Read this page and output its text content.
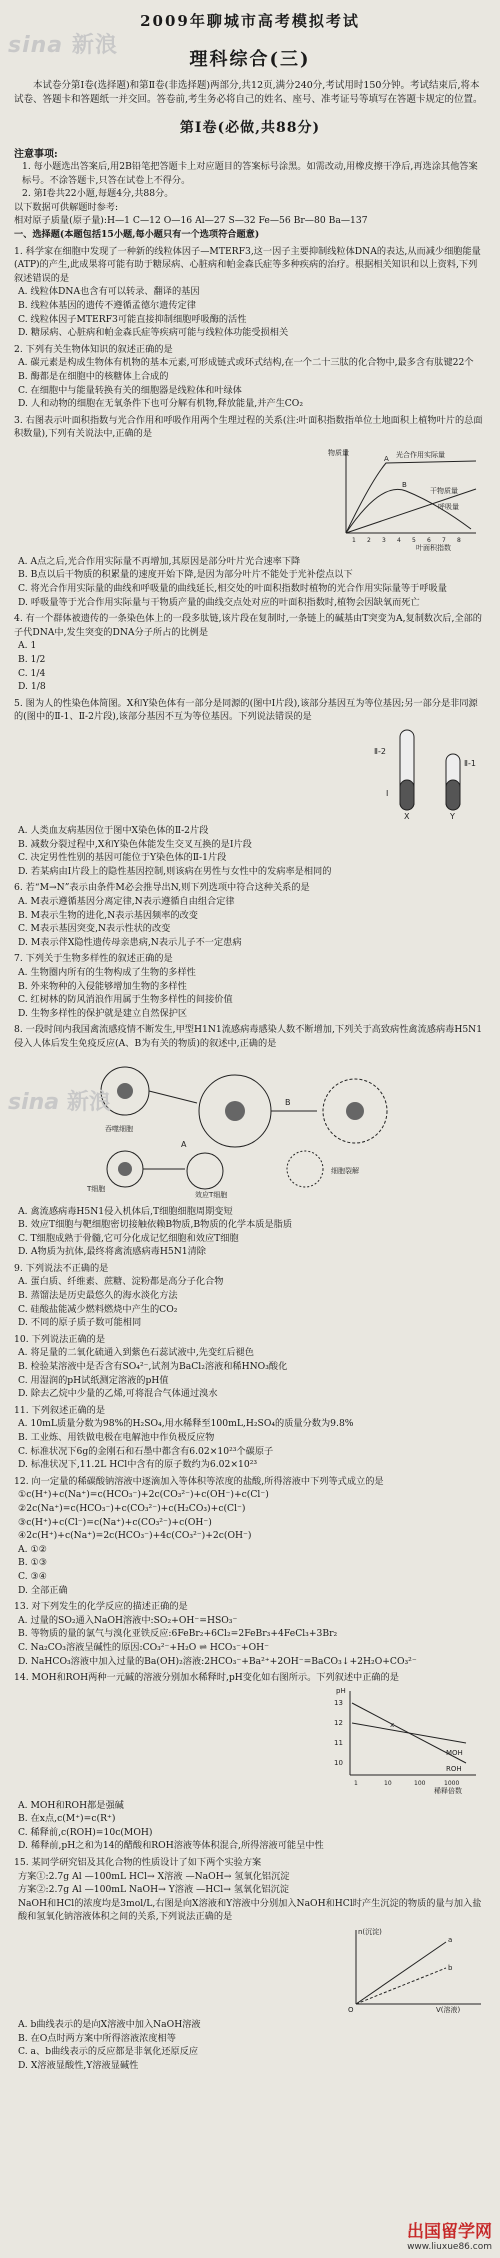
sina 新浪
sina 新浪
2009年聊城市高考模拟考试
理科综合(三)

本试卷分第Ⅰ卷(选择题)和第Ⅱ卷(非选择题)两部分,共12页,满分240分,考试用时150分钟。考试结束后,将本试卷、答题卡和答题纸一并交回。答卷前,考生务必将自己的姓名、座号、准考证号等填写在答题卡规定的位置。

第Ⅰ卷(必做,共88分)
注意事项:

1. 每小题选出答案后,用2B铅笔把答题卡上对应题目的答案标号涂黑。如需改动,用橡皮擦干净后,再选涂其他答案标号。不涂答题卡,只答在试卷上不得分。

2. 第Ⅰ卷共22小题,每题4分,共88分。

以下数据可供解题时参考:

相对原子质量(原子量):H—1 C—12 O—16 Al—27 S—32 Fe—56 Br—80 Ba—137

一、选择题(本题包括15小题,每小题只有一个选项符合题意)

1. 科学家在细胞中发现了一种新的线粒体因子—MTERF3,这一因子主要抑制线粒体DNA的表达,从而减少细胞能量(ATP)的产生,此成果将可能有助于糖尿病、心脏病和帕金森氏症等多种疾病的治疗。根据相关知识和以上资料,下列叙述错误的是

A. 线粒体DNA也含有可以转录、翻译的基因

B. 线粒体基因的遗传不遵循孟德尔遗传定律

C. 线粒体因子MTERF3可能直接抑制细胞呼吸酶的活性

D. 糖尿病、心脏病和帕金森氏症等疾病可能与线粒体功能受损相关

2. 下列有关生物体知识的叙述正确的是

A. 碳元素是构成生物体有机物的基本元素,可形成链式或环式结构,在一个二十三肽的化合物中,最多含有肽键22个

B. 酶都是在细胞中的核糖体上合成的

C. 在细胞中与能量转换有关的细胞器是线粒体和叶绿体

D. 人和动物的细胞在无氧条件下也可分解有机物,释放能量,并产生CO₂

3. 右图表示叶面积指数与光合作用和呼吸作用两个生理过程的关系(注:叶面积指数指单位土地面积上植物叶片的总面积数量),下列有关说法中,正确的是

物质量	光合作用实际量
干物质量
呼吸量
A
B
1 2 3 4 5 6 7 8
叶面积指数

A. A点之后,光合作用实际量不再增加,其原因是部分叶片光合速率下降

B. B点以后干物质的积累量的速度开始下降,是因为部分叶片不能处于光补偿点以下

C. 将光合作用实际量的曲线和呼吸量的曲线延长,相交处的叶面积指数时植物的光合作用实际量等于呼吸量

D. 呼吸量等于光合作用实际量与干物质产量的曲线交点处对应的叶面积指数时,植物会因缺氧而死亡

4. 有一个群体被遗传的一条染色体上的一段多肽链,该片段在复制时,一条链上的碱基由T突变为A,复制数次后,全部的子代DNA中,发生突变的DNA分子所占的比例是

A. 1

B. 1/2

C. 1/4

D. 1/8

5. 图为人的性染色体简图。X和Y染色体有一部分是同源的(图中Ⅰ片段),该部分基因互为等位基因;另一部分是非同源的(图中的Ⅱ-1、Ⅱ-2片段),该部分基因不互为等位基因。下列说法错误的是

Ⅱ-2
Ⅰ
Ⅱ-1
X	Y

A. 人类血友病基因位于图中X染色体的Ⅱ-2片段

B. 减数分裂过程中,X和Y染色体能发生交叉互换的是Ⅰ片段

C. 决定男性性别的基因可能位于Y染色体的Ⅱ-1片段

D. 若某病由Ⅰ片段上的隐性基因控制,则该病在男性与女性中的发病率是相同的

6. 若“M→N”表示由条件M必会推导出N,则下列选项中符合这种关系的是

A. M表示遵循基因分离定律,N表示遵循自由组合定律

B. M表示生物的进化,N表示基因频率的改变

C. M表示基因突变,N表示性状的改变

D. M表示伴X隐性遗传母亲患病,N表示儿子不一定患病

7. 下列关于生物多样性的叙述正确的是

A. 生物圈内所有的生物构成了生物的多样性

B. 外来物种的入侵能够增加生物的多样性

C. 红树林的防风消浪作用属于生物多样性的间接价值

D. 生物多样性的保护就是建立自然保护区

8. 一段时间内我国禽流感疫情不断发生,甲型H1N1流感病毒感染人数不断增加,下列关于高致病性禽流感病毒H5N1侵入人体后发生免疫反应(A、B为有关的物质)的叙述中,正确的是

吞噬细胞
T细胞
效应T细胞
B
A
细胞裂解

A. 禽流感病毒H5N1侵入机体后,T细胞细胞周期变短

B. 效应T细胞与靶细胞密切接触依赖B物质,B物质的化学本质是脂质

C. T细胞成熟于骨髓,它可分化成记忆细胞和效应T细胞

D. A物质为抗体,最终将禽流感病毒H5N1清除

9. 下列说法不正确的是

A. 蛋白质、纤维素、蔗糖、淀粉都是高分子化合物

B. 蒸馏法是历史最悠久的海水淡化方法

C. 硅酸盐能减少燃料燃烧中产生的CO₂

D. 不同的原子质子数可能相同

10. 下列说法正确的是

A. 将足量的二氧化硫通入到紫色石蕊试液中,先变红后褪色

B. 检验某溶液中是否含有SO₄²⁻,试剂为BaCl₂溶液和稀HNO₃酸化

C. 用湿润的pH试纸测定溶液的pH值

D. 除去乙烷中少量的乙烯,可将混合气体通过溴水

11. 下列叙述正确的是

A. 10mL质量分数为98%的H₂SO₄,用水稀释至100mL,H₂SO₄的质量分数为9.8%

B. 工业炼、用铁做电极在电解池中作负极反应物

C. 标准状况下6g的金刚石和石墨中都含有6.02×10²³个碳原子

D. 标准状况下,11.2L HCl中含有的原子数约为6.02×10²³

12. 向一定量的稀碳酸钠溶液中逐滴加入等体积等浓度的盐酸,所得溶液中下列等式成立的是

①c(H⁺)+c(Na⁺)=c(HCO₃⁻)+2c(CO₃²⁻)+c(OH⁻)+c(Cl⁻)

②2c(Na⁺)=c(HCO₃⁻)+c(CO₃²⁻)+c(H₂CO₃)+c(Cl⁻)

③c(H⁺)+c(Cl⁻)=c(Na⁺)+c(CO₃²⁻)+c(OH⁻)

④2c(H⁺)+c(Na⁺)=2c(HCO₃⁻)+4c(CO₃²⁻)+2c(OH⁻)

A. ①②

B. ①③

C. ③④

D. 全部正确

13. 对下列发生的化学反应的描述正确的是

A. 过量的SO₂通入NaOH溶液中:SO₂+OH⁻=HSO₃⁻

B. 等物质的量的氯气与溴化亚铁反应:6FeBr₂+6Cl₂=2FeBr₃+4FeCl₃+3Br₂

C. Na₂CO₃溶液呈碱性的原因:CO₃²⁻+H₂O ⇌ HCO₃⁻+OH⁻

D. NaHCO₃溶液中加入过量的Ba(OH)₂溶液:2HCO₃⁻+Ba²⁺+2OH⁻=BaCO₃↓+2H₂O+CO₃²⁻

14. MOH和ROH两种一元碱的溶液分别加水稀释时,pH变化如右图所示。下列叙述中正确的是

pH
13
12
11
10
1	10	100	1000
稀释倍数
MOH
ROH
x

A. MOH和ROH都是强碱

B. 在x点,c(M⁺)=c(R⁺)

C. 稀释前,c(ROH)=10c(MOH)

D. 稀释前,pH之和为14的醋酸和ROH溶液等体积混合,所得溶液可能呈中性

15. 某同学研究铝及其化合物的性质设计了如下两个实验方案

方案①:2.7g Al —100mL HCl→ X溶液 —NaOH→ 氢氧化铝沉淀

方案②:2.7g Al —100mL NaOH→ Y溶液 —HCl→ 氢氧化铝沉淀

NaOH和HCl的浓度均是3mol/L,右图是向X溶液和Y溶液中分别加入NaOH和HCl时产生沉淀的物质的量与加入盐酸和氢氧化钠溶液体积之间的关系,下列说法正确的是

n(沉淀)
a
b
O	V(溶液)

A. b曲线表示的是向X溶液中加入NaOH溶液

B. 在O点时两方案中所得溶液浓度相等

C. a、b曲线表示的反应都是非氧化还原反应

D. X溶液显酸性,Y溶液显碱性

出国留学网
www.liuxue86.com
